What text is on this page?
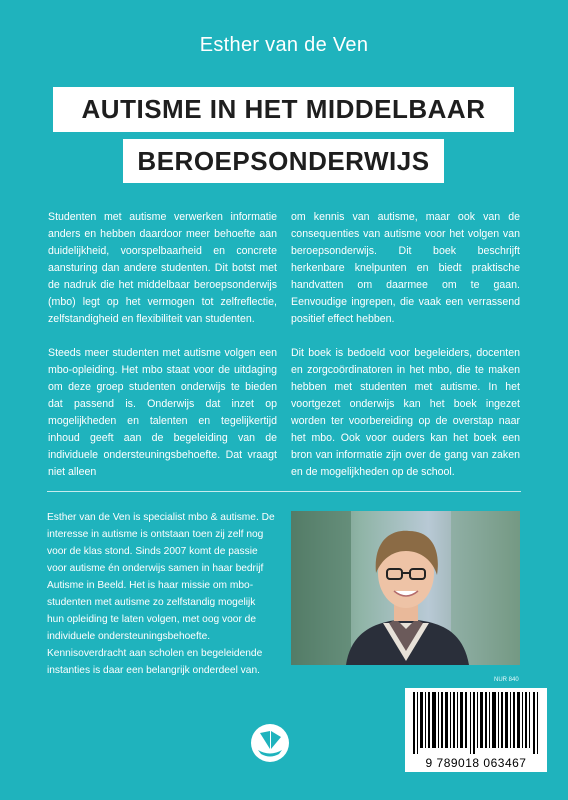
Esther van de Ven
AUTISME IN HET MIDDELBAAR
BEROEPSONDERWIJS

Studenten met autisme verwerken informatie anders en hebben daardoor meer behoefte aan duidelijkheid, voorspelbaarheid en concrete aansturing dan andere studenten. Dit botst met de nadruk die het middelbaar beroepsonderwijs (mbo) legt op het vermogen tot zelfreflectie, zelfstandigheid en flexibiliteit van studenten.

Steeds meer studenten met autisme volgen een mbo-opleiding. Het mbo staat voor de uitdaging om deze groep studenten onderwijs te bieden dat passend is. Onderwijs dat inzet op mogelijkheden en talenten en tegelijkertijd inhoud geeft aan de begeleiding van de individuele ondersteuningsbehoefte. Dat vraagt niet alleen

om kennis van autisme, maar ook van de consequenties van autisme voor het volgen van beroepsonderwijs. Dit boek beschrijft herkenbare knelpunten en biedt praktische handvatten om daarmee om te gaan. Eenvoudige ingrepen, die vaak een verrassend positief effect hebben.

Dit boek is bedoeld voor begeleiders, docenten en zorgcoördinatoren in het mbo, die te maken hebben met studenten met autisme. In het voortgezet onderwijs kan het boek ingezet worden ter voorbereiding op de overstap naar het mbo. Ook voor ouders kan het boek een bron van informatie zijn over de gang van zaken en de mogelijkheden op de school.

Esther van de Ven is specialist mbo & autisme. De interesse in autisme is ontstaan toen zij zelf nog voor de klas stond. Sinds 2007 komt de passie voor autisme én onderwijs samen in haar bedrijf Autisme in Beeld. Het is haar missie om mbo-studenten met autisme zo zelfstandig mogelijk hun opleiding te laten volgen, met oog voor de individuele ondersteuningsbehoefte. Kennisoverdracht aan scholen en begeleidende instanties is daar een belangrijk onderdeel van.
NUR 840
9 789018 063467
